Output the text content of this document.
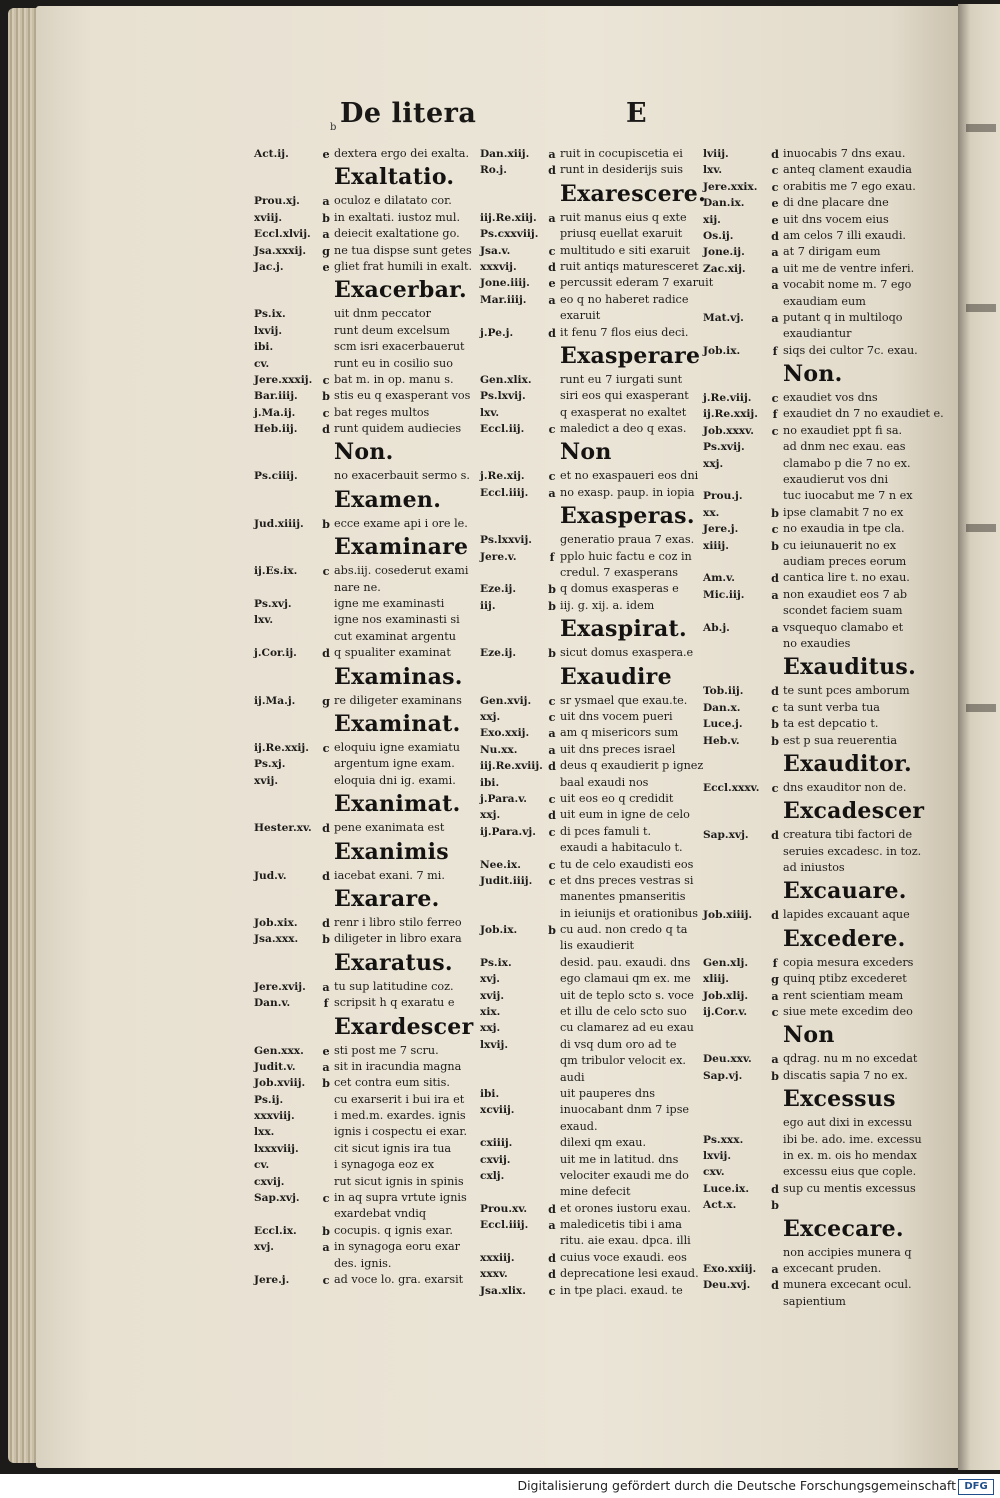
De litera
b	E
Act.ij.	e dextera ergo dei exalta.
Exaltatio.
Prou.xj.	a oculoz e dilatato cor.
xviij.	b in exaltati. iustoz mul.
Eccl.xlvij. a deiecit exaltatione go.
Jsa.xxxij.	g ne tua dispse sunt getes
Jac.j.	e gliet frat humili in exalt.
Exacerbar.
Ps.ix.	uit dnm peccator
lxvij.	runt deum excelsum
ibi.	scm isri exacerbauerut
cv.	runt eu in cosilio suo
Jere.xxxij. c bat m. in op. manu s.
Bar.iiij.	b stis eu q exasperant vos
j.Ma.ij.	c bat reges multos
Heb.iij.	d runt quidem audiecies
Non.
Ps.ciiij.	no exacerbauit sermo s.
Examen.
Jud.xiiij.	b ecce exame api i ore le.
Examinare
ij.Es.ix.	c abs.iij. cosederut exami
nare ne.
Ps.xvj.	igne me examinasti
lxv.	igne nos examinasti si
cut examinat argentu
j.Cor.ij.	d q spualiter examinat
Examinas.
ij.Ma.j.	g re diligeter examinans
Examinat.
ij.Re.xxij.	c eloquiu igne examiatu
Ps.xj.	argentum igne exam.
xvij.	eloquia dni ig. exami.
Exanimat.
Hester.xv. d pene exanimata est
Exanimis
Jud.v.	d iacebat exani. 7 mi.
Exarare.
Job.xix.	d renr i libro stilo ferreo
Jsa.xxx.	b diligeter in libro exara
Exaratus.
Jere.xvij.	a tu sup latitudine coz.
Dan.v.	f scripsit h q exaratu e
Exardescer
Gen.xxx.	e sti post me 7 scru.
Judit.v.	a sit in iracundia magna
Job.xviij.	b cet contra eum sitis.
Ps.ij.	cu exarserit i bui ira et
xxxviij.	i med.m. exardes. ignis
lxx.	ignis i cospectu ei exar.
lxxxviij.	cit sicut ignis ira tua
cv.	i synagoga eoz ex
cxvij.	rut sicut ignis in spinis
Sap.xvj.	c in aq supra vrtute ignis
exardebat vndiq
Eccl.ix.	b cocupis. q ignis exar.
xvj.	a in synagoga eoru exar
des. ignis.
Jere.j.	c ad voce lo. gra. exarsit
Dan.xiij.	a ruit in cocupiscetia ei
Ro.j.	d runt in desiderijs suis
Exarescere.
iij.Re.xiij. a ruit manus eius q exte
Ps.cxxviij. priusq euellat exaruit
Jsa.v.	c multitudo e siti exaruit
xxxvij.	d ruit antiqs maturesceret
Jone.iiij.	e percussit ederam 7 exaruit
Mar.iiij.	a eo q no haberet radice
exaruit
j.Pe.j.	d it fenu 7 flos eius deci.
Exasperare
Gen.xlix.	runt eu 7 iurgati sunt
Ps.lxvij.	siri eos qui exasperant
lxv.	q exasperat no exaltet
Eccl.iij.	c maledict a deo q exas.
Non
j.Re.xij.	c et no exaspaueri eos dni
Eccl.iiij.	a no exasp. paup. in iopia
Exasperas.
Ps.lxxvij.	generatio praua 7 exas.
Jere.v.	f pplo huic factu e coz in
credul. 7 exasperans
Eze.ij.	b q domus exasperas e
iij.	b iij. g. xij. a. idem
Exaspirat.
Eze.ij.	b sicut domus exaspera.e
Exaudire
Gen.xvij.	c sr ysmael que exau.te.
xxj.	c uit dns vocem pueri
Exo.xxij.	a am q misericors sum
Nu.xx.	a uit dns preces israel
iij.Re.xviij. d deus q exaudierit p ignez
ibi.	baal exaudi nos
j.Para.v.	c uit eos eo q credidit
xxj.	d uit eum in igne de celo
ij.Para.vj.	c di pces famuli t.
exaudi a habitaculo t.
Nee.ix.	c tu de celo exaudisti eos
Judit.iiij.	c et dns preces vestras si
manentes pmanseritis
in ieiunijs et orationibus
Job.ix.	b cu aud. non credo q ta
lis exaudierit
Ps.ix.	desid. pau. exaudi. dns
xvj.	ego clamaui qm ex. me
xvij.	uit de teplo scto s. voce
xix.	et illu de celo scto suo
xxj.	cu clamarez ad eu exau
lxvij.	di vsq dum oro ad te
qm tribulor velocit ex.
audi
ibi.	uit pauperes dns
xcviij.	inuocabant dnm 7 ipse
exaud.
cxiiij.	dilexi qm exau.
cxvij.	uit me in latitud. dns
cxlj.	velociter exaudi me do
mine defecit
Prou.xv.	d et orones iustoru exau.
Eccl.iiij.	a maledicetis tibi i ama
ritu. aie exau. dpca. illi
xxxiij.	d cuius voce exaudi. eos
xxxv.	d deprecatione lesi exaud.
Jsa.xlix.	c in tpe placi. exaud. te
lviij.	d inuocabis 7 dns exau.
lxv.	c anteq clament exaudia
Jere.xxix.	c orabitis me 7 ego exau.
Dan.ix.	e di dne placare dne
xij.	e uit dns vocem eius
Os.ij.	d am celos 7 illi exaudi.
Jone.ij.	a at 7 dirigam eum
Zac.xij.	a uit me de ventre inferi.
a vocabit nome m. 7 ego
exaudiam eum
Mat.vj.	a putant q in multiloqo
exaudiantur
Job.ix.	f siqs dei cultor 7c. exau.
Non.
j.Re.viij.	c exaudiet vos dns
ij.Re.xxij.	f exaudiet dn 7 no exaudiet e.
Job.xxxv.	c no exaudiet ppt fi sa.
Ps.xvij.	ad dnm nec exau. eas
xxj.	clamabo p die 7 no ex.
exaudierut vos dni
Prou.j.	tuc iuocabut me 7 n ex
xx.	b ipse clamabit 7 no ex
Jere.j.	c no exaudia in tpe cla.
xiiij.	b cu ieiunauerit no ex
audiam preces eorum
Am.v.	d cantica lire t. no exau.
Mic.iij.	a non exaudiet eos 7 ab
scondet faciem suam
Ab.j.	a vsquequo clamabo et
no exaudies
Exauditus.
Tob.iij.	d te sunt pces amborum
Dan.x.	c ta sunt verba tua
Luce.j.	b ta est depcatio t.
Heb.v.	b est p sua reuerentia
Exauditor.
Eccl.xxxv.	c dns exauditor non de.
Excadescer
Sap.xvj.	d creatura tibi factori de
seruies excadesc. in toz.
ad iniustos
Excauare.
Job.xiiij.	d lapides excauant aque
Excedere.
Gen.xlj.	f copia mesura exceders
xliij.	g quinq ptibz excederet
Job.xlij.	a rent scientiam meam
ij.Cor.v.	c siue mete excedim deo
Non
Deu.xxv.	a qdrag. nu m no excedat
Sap.vj.	b discatis sapia 7 no ex.
Excessus
ego aut dixi in excessu
Ps.xxx.	ibi be. ado. ime. excessu
lxvij.	in ex. m. ois ho mendax
cxv.	excessu eius que cople.
Luce.ix.	d sup cu mentis excessus
Act.x.	b
Excecare.
non accipies munera q
Exo.xxiij.	a excecant pruden.
Deu.xvj.	d munera excecant ocul.
sapientium
Digitalisierung gefördert durch die Deutsche Forschungsgemeinschaft DFG
